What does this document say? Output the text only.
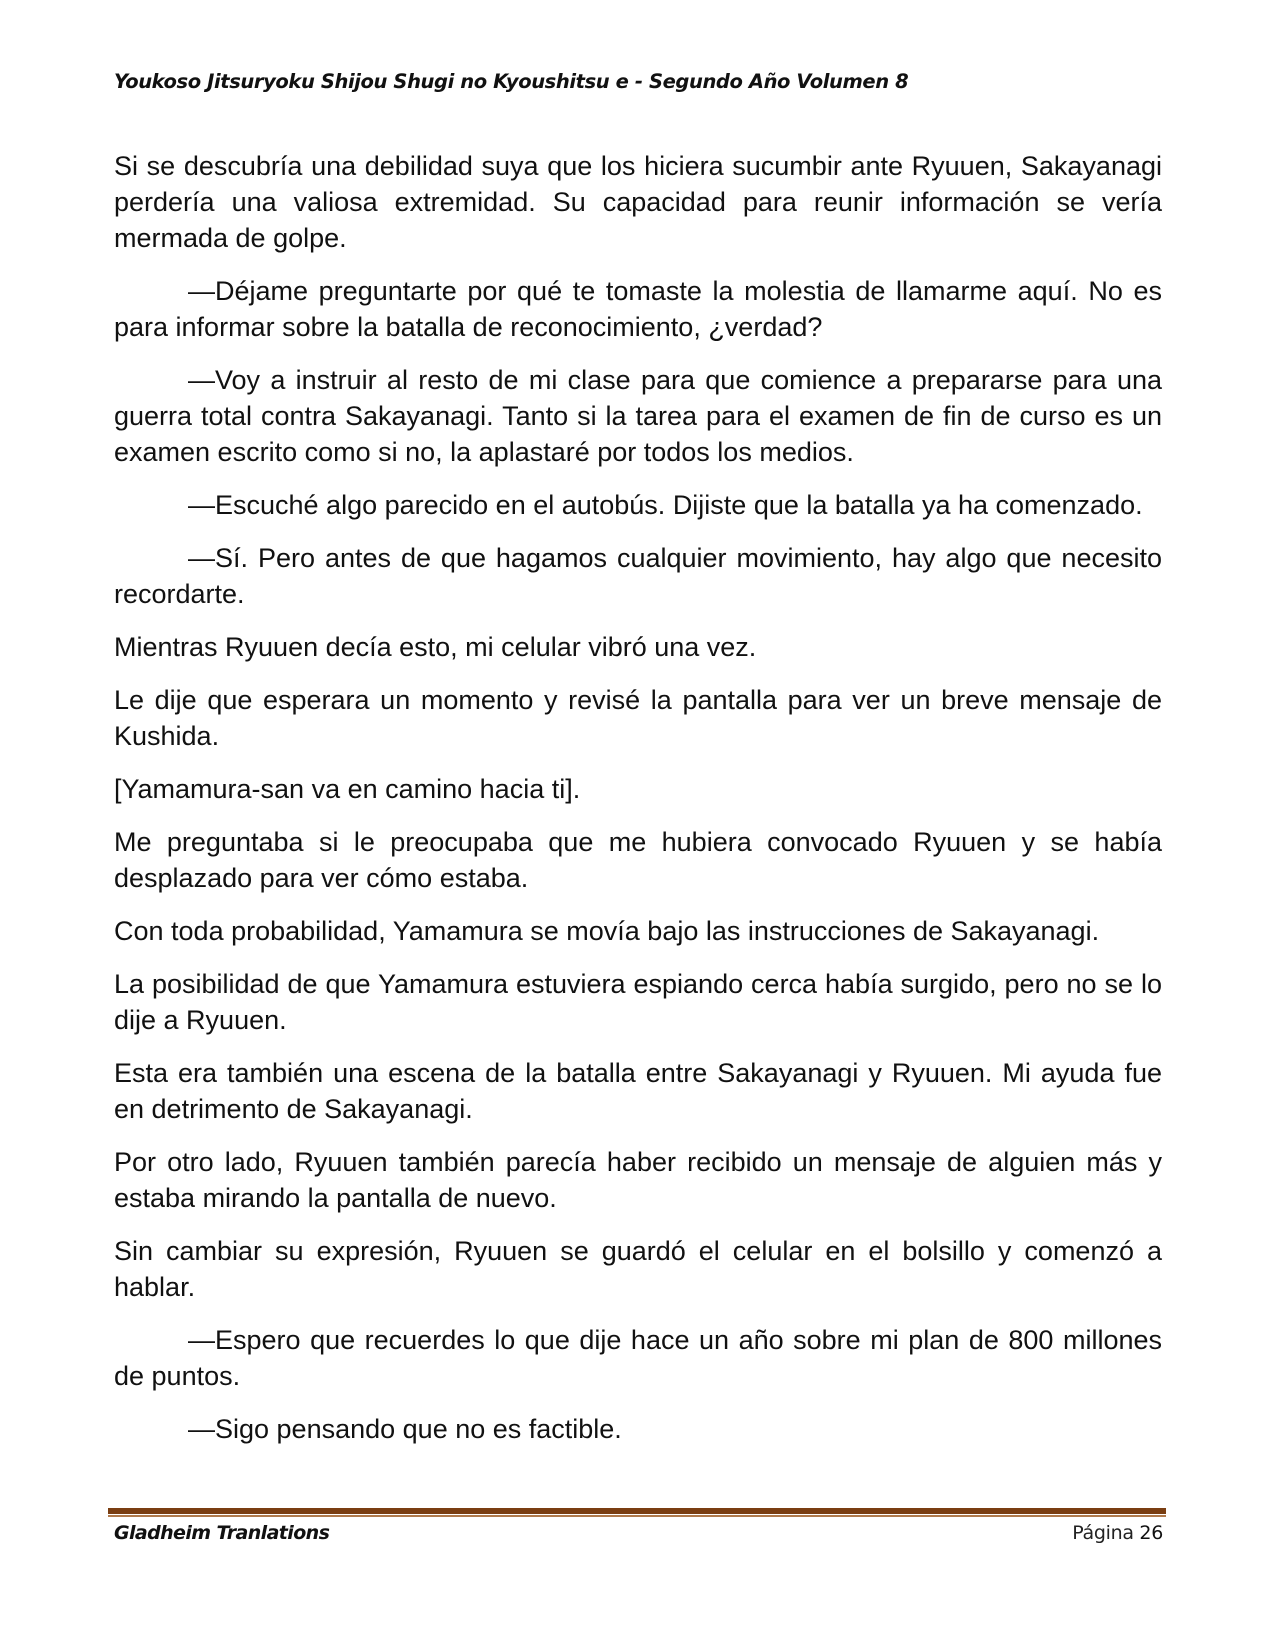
Youkoso Jitsuryoku Shijou Shugi no Kyoushitsu e - Segundo Año Volumen 8

Si se descubría una debilidad suya que los hiciera sucumbir ante Ryuuen, Sakayanagi perdería una valiosa extremidad. Su capacidad para reunir información se vería mermada de golpe.

—Déjame preguntarte por qué te tomaste la molestia de llamarme aquí. No es para informar sobre la batalla de reconocimiento, ¿verdad?

—Voy a instruir al resto de mi clase para que comience a prepararse para una guerra total contra Sakayanagi. Tanto si la tarea para el examen de fin de curso es un examen escrito como si no, la aplastaré por todos los medios.

—Escuché algo parecido en el autobús. Dijiste que la batalla ya ha comenzado.

—Sí. Pero antes de que hagamos cualquier movimiento, hay algo que necesito recordarte.

Mientras Ryuuen decía esto, mi celular vibró una vez.

Le dije que esperara un momento y revisé la pantalla para ver un breve mensaje de Kushida.

[Yamamura-san va en camino hacia ti].

Me preguntaba si le preocupaba que me hubiera convocado Ryuuen y se había desplazado para ver cómo estaba.

Con toda probabilidad, Yamamura se movía bajo las instrucciones de Sakayanagi.

La posibilidad de que Yamamura estuviera espiando cerca había surgido, pero no se lo dije a Ryuuen.

Esta era también una escena de la batalla entre Sakayanagi y Ryuuen. Mi ayuda fue en detrimento de Sakayanagi.

Por otro lado, Ryuuen también parecía haber recibido un mensaje de alguien más y estaba mirando la pantalla de nuevo.

Sin cambiar su expresión, Ryuuen se guardó el celular en el bolsillo y comenzó a hablar.

—Espero que recuerdes lo que dije hace un año sobre mi plan de 800 millones de puntos.

—Sigo pensando que no es factible.

Gladheim Tranlations	Página 26
